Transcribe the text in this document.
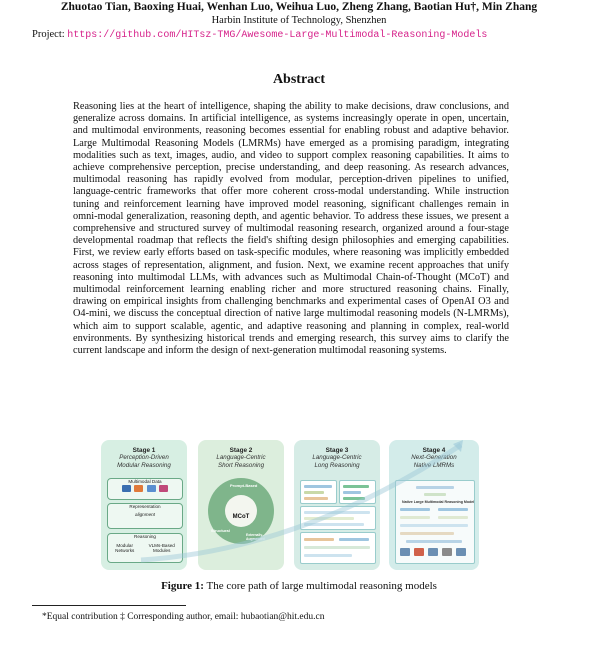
Zhuotao Tian, Baoxing Huai, Wenhan Luo, Weihua Luo, Zheng Zhang, Baotian Hu†, Min Zhang
Harbin Institute of Technology, Shenzhen
Project: https://github.com/HITsz-TMG/Awesome-Large-Multimodal-Reasoning-Models
Abstract
Reasoning lies at the heart of intelligence, shaping the ability to make decisions, draw conclusions, and generalize across domains. In artificial intelligence, as systems increasingly operate in open, uncertain, and multimodal environments, reasoning becomes essential for enabling robust and adaptive behavior. Large Multimodal Reasoning Models (LMRMs) have emerged as a promising paradigm, integrating modalities such as text, images, audio, and video to support complex reasoning capabilities. It aims to achieve comprehensive perception, precise understanding, and deep reasoning. As research advances, multimodal reasoning has rapidly evolved from modular, perception-driven pipelines to unified, language-centric frameworks that offer more coherent cross-modal understanding. While instruction tuning and reinforcement learning have improved model reasoning, significant challenges remain in omni-modal generalization, reasoning depth, and agentic behavior. To address these issues, we present a comprehensive and structured survey of multimodal reasoning research, organized around a four-stage developmental roadmap that reflects the field's shifting design philosophies and emerging capabilities. First, we review early efforts based on task-specific modules, where reasoning was implicitly embedded across stages of representation, alignment, and fusion. Next, we examine recent approaches that unify reasoning into multimodal LLMs, with advances such as Multimodal Chain-of-Thought (MCoT) and multimodal reinforcement learning enabling richer and more structured reasoning chains. Finally, drawing on empirical insights from challenging benchmarks and experimental cases of OpenAI O3 and O4-mini, we discuss the conceptual direction of native large multimodal reasoning models (N-LMRMs), which aim to support scalable, agentic, and adaptive reasoning and planning in complex, real-world environments. By synthesizing historical trends and emerging research, this survey aims to clarify the current landscape and inform the design of next-generation multimodal reasoning systems.
Stage 1
Perception-Driven
Modular Reasoning
Multimodal Data

Representation
alignment
Reasoning
Modular Networks
VLMs-Based Modules
Stage 2
Language-Centric
Short Reasoning
Prompt-Based
Structural
Externally-Augmented
MCoT
Stage 3
Language-Centric
Long Reasoning
Stage 4
Next-Generation
Native LMRMs
Native Large Multimodal Reasoning Model
Figure 1: The core path of large multimodal reasoning models
*Equal contribution ‡ Corresponding author, email: hubaotian@hit.edu.cn
